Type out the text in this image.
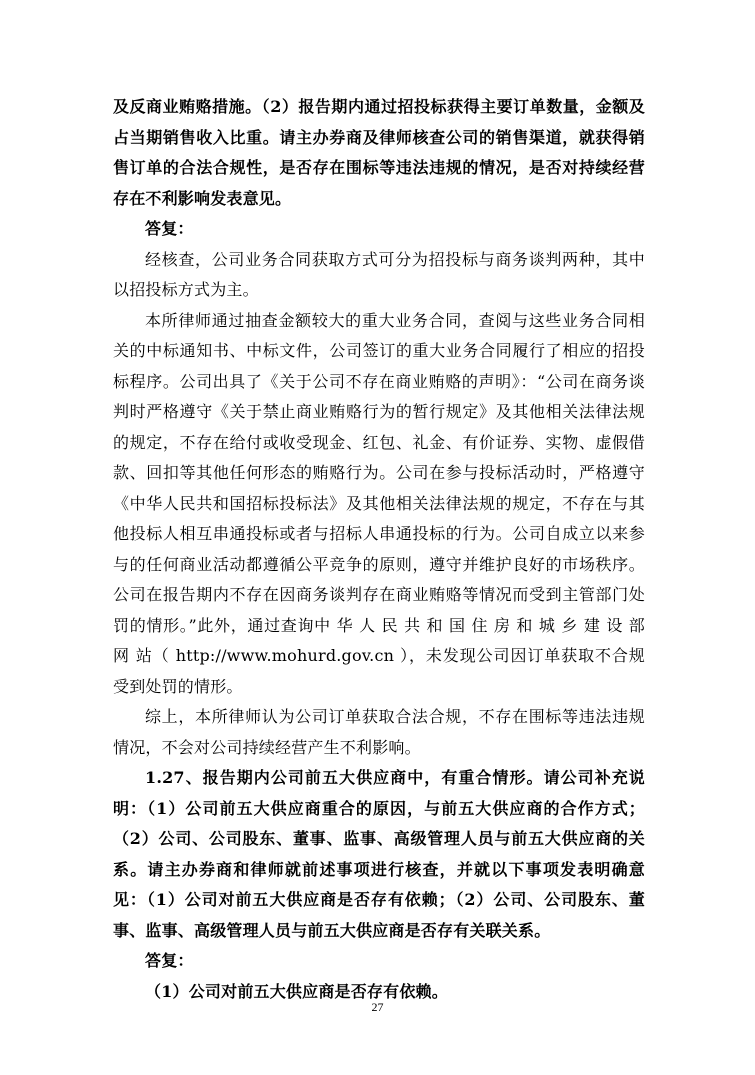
及反商业贿赂措施。（2）报告期内通过招投标获得主要订单数量，金额及占当期销售收入比重。请主办券商及律师核查公司的销售渠道，就获得销售订单的合法合规性，是否存在围标等违法违规的情况，是否对持续经营存在不利影响发表意见。

答复：

经核查，公司业务合同获取方式可分为招投标与商务谈判两种，其中以招投标方式为主。

本所律师通过抽查金额较大的重大业务合同，查阅与这些业务合同相关的中标通知书、中标文件，公司签订的重大业务合同履行了相应的招投标程序。公司出具了《关于公司不存在商业贿赂的声明》：“公司在商务谈判时严格遵守《关于禁止商业贿赂行为的暂行规定》及其他相关法律法规的规定，不存在给付或收受现金、红包、礼金、有价证券、实物、虚假借款、回扣等其他任何形态的贿赂行为。公司在参与投标活动时，严格遵守《中华人民共和国招标投标法》及其他相关法律法规的规定，不存在与其他投标人相互串通投标或者与招标人串通投标的行为。公司自成立以来参与的任何商业活动都遵循公平竞争的原则，遵守并维护良好的市场秩序。公司在报告期内不存在因商务谈判存在商业贿赂等情况而受到主管部门处罚的情形。”此外，通过查询中 华 人 民 共 和 国 住 房 和 城 乡 建 设 部 网 站（ http://www.mohurd.gov.cn ），未发现公司因订单获取不合规受到处罚的情形。

综上，本所律师认为公司订单获取合法合规，不存在围标等违法违规情况，不会对公司持续经营产生不利影响。

1.27、报告期内公司前五大供应商中，有重合情形。请公司补充说明：（1）公司前五大供应商重合的原因，与前五大供应商的合作方式；（2）公司、公司股东、董事、监事、高级管理人员与前五大供应商的关系。请主办券商和律师就前述事项进行核查，并就以下事项发表明确意见：（1）公司对前五大供应商是否存有依赖；（2）公司、公司股东、董事、监事、高级管理人员与前五大供应商是否存有关联关系。

答复：

（1）公司对前五大供应商是否存有依赖。

27
